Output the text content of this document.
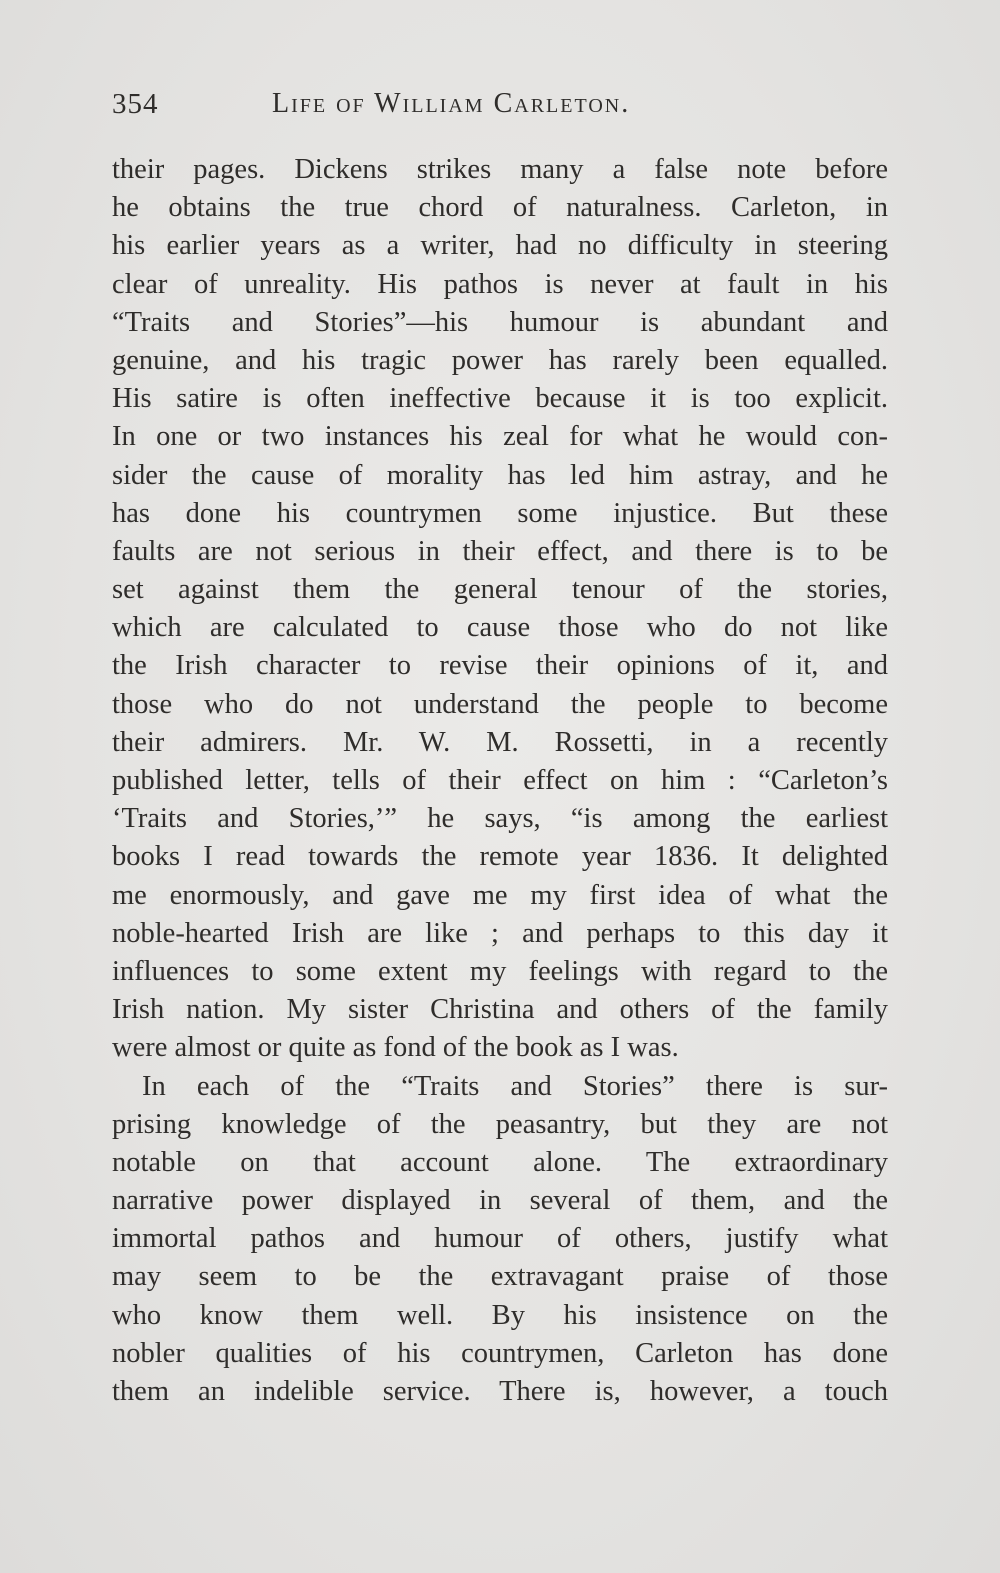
354	Life of William Carleton.
their pages. Dickens strikes many a false note before
he obtains the true chord of naturalness. Carleton, in
his earlier years as a writer, had no difficulty in steering
clear of unreality. His pathos is never at fault in his
“Traits and Stories”—his humour is abundant and
genuine, and his tragic power has rarely been equalled.
His satire is often ineffective because it is too explicit.
In one or two instances his zeal for what he would con-
sider the cause of morality has led him astray, and he
has done his countrymen some injustice. But these
faults are not serious in their effect, and there is to be
set against them the general tenour of the stories,
which are calculated to cause those who do not like
the Irish character to revise their opinions of it, and
those who do not understand the people to become
their admirers. Mr. W. M. Rossetti, in a recently
published letter, tells of their effect on him : “Carleton’s
‘Traits and Stories,’” he says, “is among the earliest
books I read towards the remote year 1836. It delighted
me enormously, and gave me my first idea of what the
noble-hearted Irish are like ; and perhaps to this day it
influences to some extent my feelings with regard to the
Irish nation. My sister Christina and others of the family
were almost or quite as fond of the book as I was.
In each of the “Traits and Stories” there is sur-
prising knowledge of the peasantry, but they are not
notable on that account alone. The extraordinary
narrative power displayed in several of them, and the
immortal pathos and humour of others, justify what
may seem to be the extravagant praise of those
who know them well. By his insistence on the
nobler qualities of his countrymen, Carleton has done
them an indelible service. There is, however, a touch
